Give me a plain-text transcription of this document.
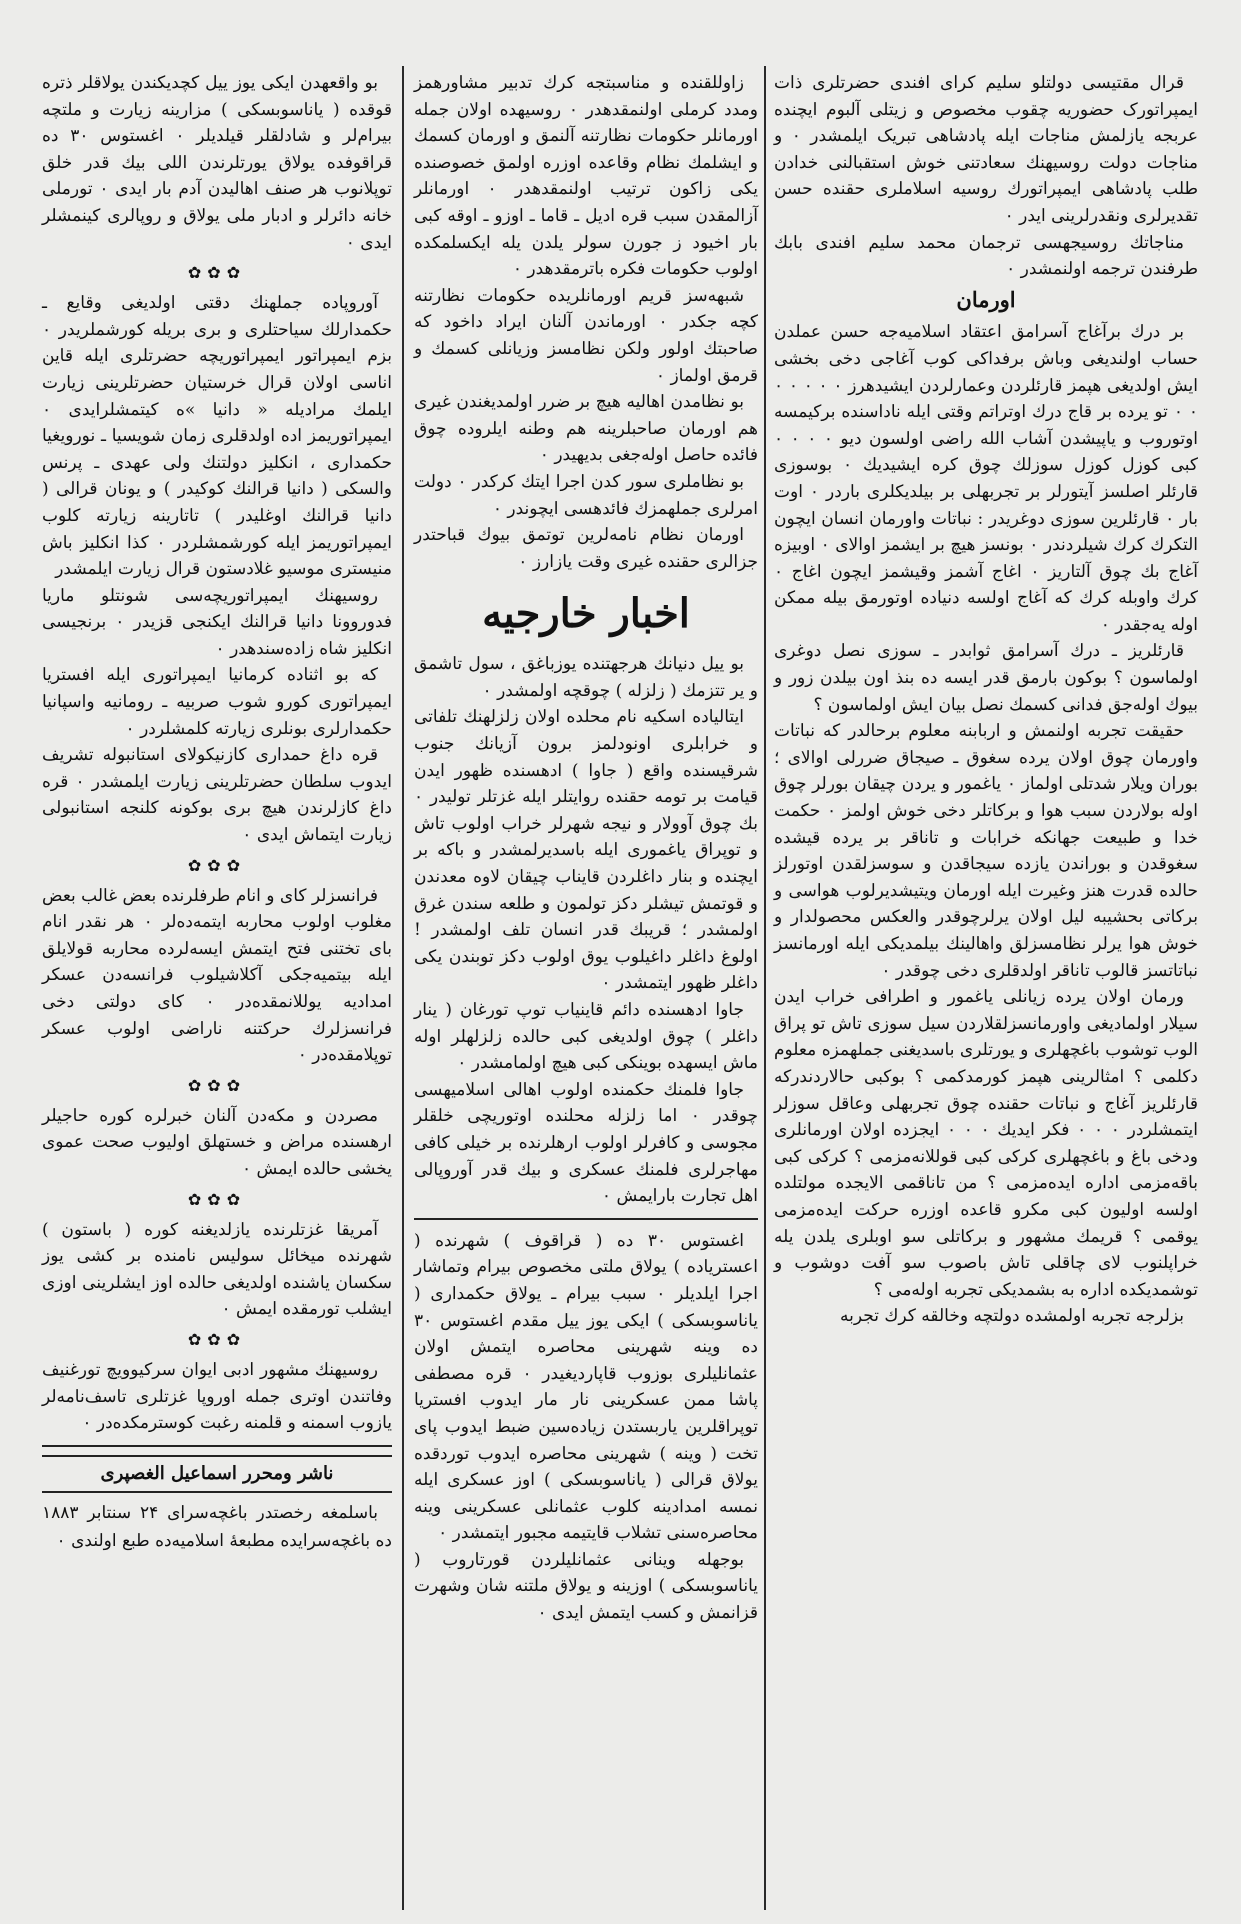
قرال مقتیسی دولتلو سلیم کرای افندی حضرتلری ذات ایمپراتورک حضوریه چقوب مخصوص و زیتلی آلبوم ایچنده عربجه یازلمش مناجات ایله پادشاهی تبریک ایلمشدر ۰ و مناجات دولت روسیهنك سعادتنی خوش استقبالنی خدادن طلب پادشاهی ایمپراتورك روسیه اسلاملری حقنده حسن تقدیرلری ونقدرلرینی ایدر ۰

مناجاتك روسیجهسی ترجمان محمد سلیم افندی بابك طرفندن ترجمه اولنمشدر ۰

اورمان

بر درك برآغاج آسرامق اعتقاد اسلامیه‌جه حسن عملدن حساب اولندیغی وباش برفداکی کوب آغاجی دخی بخشی ایش اولدیغی هپمز قارئلردن وعمارلردن ایشیدهرز ۰ ۰ ۰ ۰ ۰ ۰ ۰ تو یرده بر قاج درك اوتراتم وقتی ایله ناداسنده برکیمسه اوتوروب و یاپیشدن آشاب الله راضی اولسون دیو ۰ ۰ ۰ ۰ کبی کوزل کوزل سوزلك چوق کره ایشیدیك ۰ بوسوزی قارئلر اصلسز آیتورلر بر تجربهلی بر بیلدیکلری باردر ۰ اوت بار ۰ قارئلرین سوزی دوغریدر : نباتات واورمان انسان ایچون التکرك کرك شیلردندر ۰ بونسز هیچ بر ایشمز اوالای ۰ اوبیزه آغاج بك چوق آلتاریز ۰ اغاج آشمز وقیشمز ایچون اغاج ۰ کرك واوبله کرك که آغاج اولسه دنیاده اوتورمق بیله ممکن اوله یه‌جقدر ۰

قارئلریز ـ درك آسرامق ثوابدر ـ سوزی نصل دوغری اولماسون ؟ بوکون بارمق قدر ایسه ده بنذ اون بیلدن زور و بیوك اوله‌جق فدانی کسمك نصل بیان ایش اولماسون ؟

حقیقت تجربه اولنمش و اربابنه معلوم برحالدر که نباتات واورمان چوق اولان یرده سغوق ـ صیجاق ضررلی اوالای ؛ بوران ویلار شدتلی اولماز ۰ یاغمور و یردن چیقان بورلر چوق اوله بولاردن سبب هوا و برکاتلر دخی خوش اولمز ۰ حکمت خدا و طبیعت جهانکه خرابات و تاناقر بر یرده قیشده سغوقدن و بوراندن یازده سیجاقدن و سوسزلقدن اوتورلز حالده قدرت هنز وغیرت ایله اورمان ویتیشدیرلوب هواسی و برکاتی بحشیبه لیل اولان یرلرچوقدر والعکس محصولدار و خوش هوا یرلر نظامسزلق واهالینك بیلمدیكی ایله اورمانسز نباتاتسز قالوب تاناقر اولدقلری دخی چوقدر ۰

ورمان اولان یرده زیانلی یاغمور و اطرافی خراب ایدن سیلار اولمادیغی واورمانسزلقلاردن سیل سوزی تاش تو پراق الوب توشوب باغچهلری و یورتلری باسدیغنی جملهمزه معلوم دکلمی ؟ امثالرینی هپمز کورمدکمی ؟ بوکبی حالاردندرکه قارئلریز آغاج و نباتات حقنده چوق تجربهلی وعاقل سوزلر ایتمشلردر ۰ ۰ ۰ فکر ایدیك ۰ ۰ ۰ ایجزده اولان اورمانلری ودخی باغ و باغچهلری کرکی کبی قوللانه‌مزمی ؟ کرکی کبی باقه‌مزمی اداره ایده‌مزمی ؟ من تاناقمی الایجده مولتلده اولسه اولیون کبی مکرو قاعده اوزره حرکت ایده‌مزمی یوقمی ؟ قریمك مشهور و برکاتلی سو اوبلری یلدن یله خراپلنوب لای چاقلی تاش باصوب سو آفت دوشوب و توشمدیکده اداره به بشمدیکی تجربه اوله‌می ؟

بزلرجه تجربه اولمشده دولتچه وخالقه کرك تجربه

زاوللقنده و مناسبتجه کرك تدبیر مشاورهمز ومدد کرملی اولنمقدهدر ۰ روسیهده اولان جمله اورمانلر حکومات نظارتنه آلنمق و اورمان کسمك و ایشلمك نظام وقاعده اوزره اولمق خصوصنده یکی زاکون ترتیب اولنمقدهدر ۰ اورمانلر آزالمقدن سبب قره ادیل ـ قاما ـ اوزو ـ اوقه کبی بار اخیود ز جورن سولر یلدن یله ایکسلمکده اولوب حکومات فکره باترمقدهدر ۰

شبهه‌سز قریم اورمانلریده حکومات نظارتنه کچه جکدر ۰ اورماندن آلنان ایراد داخود که صاحبتك اولور ولکن نظامسز وزیانلی کسمك و قرمق اولماز ۰

بو نظامدن اهالیه هیچ بر ضرر اولمدیغندن غیری هم اورمان صاحبلرینه هم وطنه ایلروده چوق فائده حاصل اوله‌جغی بدیهیدر ۰

بو نظاملری سور کدن اجرا ایتك کرکدر ۰ دولت امرلری جملهمزك فائدهسی ایچوندر ۰

اورمان نظام نامه‌لرین توتمق بیوك قباحتدر جزالری حقنده غیری وقت یازارز ۰

اخبار خارجیه

بو ییل دنیانك هرجهتنده یوزباغق ، سول تاشمق و یر تتزمك ( زلزله ) چوقچه اولمشدر ۰

ایتالیاده اسکیه نام محلده اولان زلزلهنك تلفاتی و خرابلری اونودلمز برون آزیانك جنوب شرقیسنده واقع ( جاوا ) ادهسنده ظهور ایدن قیامت بر تومه حقنده روایتلر ایله غزتلر تولیدر ۰ بك چوق آوولار و نیجه شهرلر خراب اولوب تاش و توپراق یاغموری ایله باسدیرلمشدر و باکه بر ایچنده و بنار داغلردن قایناب چیقان لاوه معدندن و قوتمش تیشلر دکز تولمون و طلعه سندن غرق اولمشدر ؛ قریبك قدر انسان تلف اولمشدر ! اولوغ داغلر داغیلوب یوق اولوب دکز توبندن یکی داغلر ظهور ایتمشدر ۰

جاوا ادهسنده دائم قاینیاب توپ تورغان ( ینار داغلر ) چوق اولدیغی کبی حالده زلزلهلر اوله ماش ایسهده بوینکی کبی هیچ اولمامشدر ۰

جاوا فلمنك حکمنده اولوب اهالی اسلامیهسی چوقدر ۰ اما زلزله محلنده اوتوریچی خلقلر مجوسی و کافرلر اولوب ارهلرنده بر خیلی کافی مهاجرلری فلمنك عسکری و بیك قدر آوروپالی اهل تجارت بارایمش ۰

اغستوس ۳۰ ده ( قراقوف ) شهرنده ( اعستریاده ) یولاق ملتی مخصوص بیرام وتماشار اجرا ایلدیلر ۰ سبب بیرام ـ یولاق حکمداری ( یاناسوبسکی ) ایکی یوز ییل مقدم اغستوس ۳۰ ده وینه شهرینی محاصره ایتمش اولان عثمانلیلری بوزوب قاپاردیغیدر ۰ قره مصطفی پاشا ممن عسکرینی نار مار ایدوب افستریا توپراقلرین یاربستدن زیاده‌سین ضبط ایدوب پای تخت ( وینه ) شهرینی محاصره ایدوب توردقده یولاق قرالی ( یاناسوبسکی ) اوز عسکری ایله نمسه امدادینه کلوب عثمانلی عسکرینی وینه محاصره‌سنی تشلاب قایتیمه مجبور ایتمشدر ۰

بوجهله وینانی عثمانلیلردن قورتاروب ( یاناسوبسکی ) اوزینه و یولاق ملتنه شان وشهرت قزانمش و کسب ایتمش ایدی ۰

بو واقعهدن ایکی یوز ییل کچدیکندن یولاقلر ذتره قوقده ( یاناسوبسکی ) مزارینه زیارت و ملتچه بیرام‌لر و شادلقلر قیلدیلر ۰ اغستوس ۳۰ ده قراقوفده یولاق یورتلرندن اللی بیك قدر خلق توپلانوب هر صنف اهالیدن آدم بار ایدی ۰ تورملی خانه‌ دائرلر و ادبار ملی یولاق و روپالری کینمشلر ایدی ۰

✿✿✿

آوروپاده جملهنك دقتی اولدیغی وقایع ـ حکمدارلك سیاحتلری و بری بریله کورشملریدر ۰ بزم ایمپراتور ایمپراتوریچه حضرتلری ایله قاین اناسی اولان قرال خرستیان حضرتلرینی زیارت ایلمك مرادیله « دانیا »ه کیتمشلرایدی ۰ ایمپراتوریمز اده اولدقلری زمان شویسیا ـ نورویغیا حکمداری ، انکلیز دولتنك ولی عهدی ـ پرنس والسکی ( دانیا قرالنك کوکیدر ) و یونان قرالی ( دانیا قرالنك اوغلیدر ) تاتارینه زیارته کلوب ایمپراتوریمز ایله کورشمشلردر ۰ کذا انکلیز باش منیستری موسیو غلادستون قرال زیارت ایلمشدر

روسیهنك ایمپراتوریچه‌سی شونتلو ماریا فدوروونا دانیا قرالنك ایکنجی قزیدر ۰ برنجیسی انکلیز شاه زاده‌سندهدر ۰

که بو اثناده کرمانیا ایمپراتوری ایله افستریا ایمپراتوری کورو شوب صربیه ـ رومانیه واسپانیا حکمدارلری بونلری زیارته کلمشلردر ۰

قره داغ حمداری کازنیکولای استانبوله تشریف ایدوب سلطان حضرتلرینی زیارت ایلمشدر ۰ قره داغ کازلرندن هیچ بری بوکونه کلنجه استانبولی زیارت ایتماش ایدی ۰

✿✿✿

فرانسزلر کای و انام طرفلرنده بعض غالب بعض مغلوب اولوب محاربه ایتمه‌ده‌لر ۰ هر نقدر انام بای تختنی فتح ایتمش ایسه‌لرده محاربه قولایلق ایله بیتمیه‌جکی آکلاشیلوب فرانسه‌دن عسکر امدادیه یوللانمقده‌در ۰ کای دولتی دخی فرانسزلرك حرکتنه ناراضی اولوب عسکر توپلامقده‌در ۰

✿✿✿

مصردن و مکه‌دن آلنان خبرلره کوره حاجیلر ارهسنده مراض و خستهلق اولیوب صحت عموی یخشی حالده ایمش ۰

✿✿✿

آمریقا غزتلرنده یازلدیغنه کوره ( باستون ) شهرنده میخائل سولیس نامنده بر کشی یوز سکسان یاشنده اولدیغی حالده اوز ایشلرینی اوزی ایشلب تورمقده ایمش ۰

✿✿✿

روسیهنك مشهور ادبی ایوان سرکیوویچ تورغنیف وفاتندن اوتری جمله اوروپا غزتلری تاسف‌نامه‌لر یازوب اسمنه و قلمنه رغبت کوسترمکده‌در ۰

ناشر ومحرر اسماعیل الغصپری

باسلمغه رخصتدر باغچه‌سرای ۲۴ سنتابر ۱۸۸۳ ده باغچه‌سرایده مطبعهٔ اسلامیه‌ده طبع اولندی ۰
